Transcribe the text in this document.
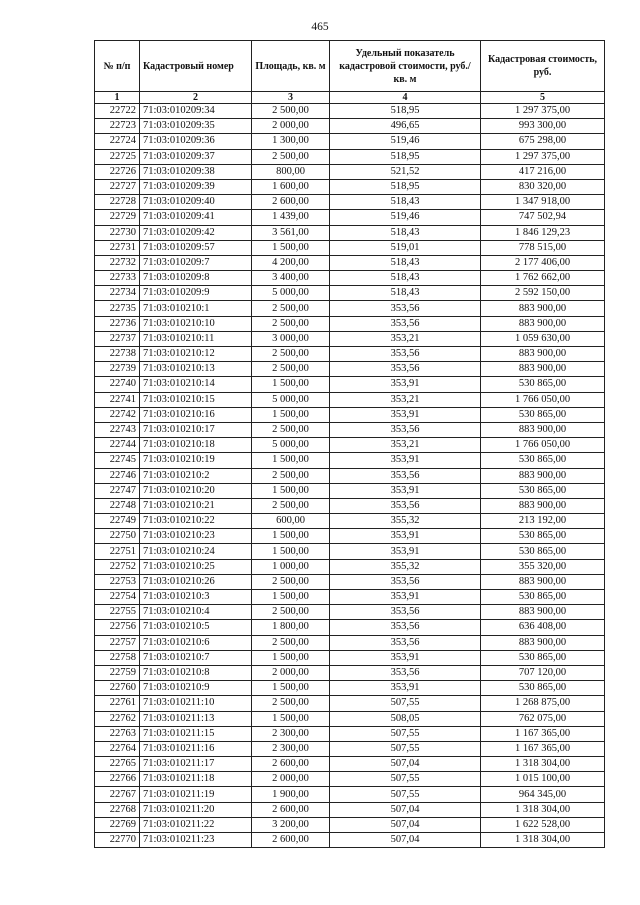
465
№ п/п	Кадастровый номер	Площадь, кв. м	Удельный показатель кадастровой стоимости, руб./кв. м	Кадастровая стоимость, руб.
1	2	3	4	5
22722	71:03:010209:34	2 500,00	518,95	1 297 375,00
22723	71:03:010209:35	2 000,00	496,65	993 300,00
22724	71:03:010209:36	1 300,00	519,46	675 298,00
22725	71:03:010209:37	2 500,00	518,95	1 297 375,00
22726	71:03:010209:38	800,00	521,52	417 216,00
22727	71:03:010209:39	1 600,00	518,95	830 320,00
22728	71:03:010209:40	2 600,00	518,43	1 347 918,00
22729	71:03:010209:41	1 439,00	519,46	747 502,94
22730	71:03:010209:42	3 561,00	518,43	1 846 129,23
22731	71:03:010209:57	1 500,00	519,01	778 515,00
22732	71:03:010209:7	4 200,00	518,43	2 177 406,00
22733	71:03:010209:8	3 400,00	518,43	1 762 662,00
22734	71:03:010209:9	5 000,00	518,43	2 592 150,00
22735	71:03:010210:1	2 500,00	353,56	883 900,00
22736	71:03:010210:10	2 500,00	353,56	883 900,00
22737	71:03:010210:11	3 000,00	353,21	1 059 630,00
22738	71:03:010210:12	2 500,00	353,56	883 900,00
22739	71:03:010210:13	2 500,00	353,56	883 900,00
22740	71:03:010210:14	1 500,00	353,91	530 865,00
22741	71:03:010210:15	5 000,00	353,21	1 766 050,00
22742	71:03:010210:16	1 500,00	353,91	530 865,00
22743	71:03:010210:17	2 500,00	353,56	883 900,00
22744	71:03:010210:18	5 000,00	353,21	1 766 050,00
22745	71:03:010210:19	1 500,00	353,91	530 865,00
22746	71:03:010210:2	2 500,00	353,56	883 900,00
22747	71:03:010210:20	1 500,00	353,91	530 865,00
22748	71:03:010210:21	2 500,00	353,56	883 900,00
22749	71:03:010210:22	600,00	355,32	213 192,00
22750	71:03:010210:23	1 500,00	353,91	530 865,00
22751	71:03:010210:24	1 500,00	353,91	530 865,00
22752	71:03:010210:25	1 000,00	355,32	355 320,00
22753	71:03:010210:26	2 500,00	353,56	883 900,00
22754	71:03:010210:3	1 500,00	353,91	530 865,00
22755	71:03:010210:4	2 500,00	353,56	883 900,00
22756	71:03:010210:5	1 800,00	353,56	636 408,00
22757	71:03:010210:6	2 500,00	353,56	883 900,00
22758	71:03:010210:7	1 500,00	353,91	530 865,00
22759	71:03:010210:8	2 000,00	353,56	707 120,00
22760	71:03:010210:9	1 500,00	353,91	530 865,00
22761	71:03:010211:10	2 500,00	507,55	1 268 875,00
22762	71:03:010211:13	1 500,00	508,05	762 075,00
22763	71:03:010211:15	2 300,00	507,55	1 167 365,00
22764	71:03:010211:16	2 300,00	507,55	1 167 365,00
22765	71:03:010211:17	2 600,00	507,04	1 318 304,00
22766	71:03:010211:18	2 000,00	507,55	1 015 100,00
22767	71:03:010211:19	1 900,00	507,55	964 345,00
22768	71:03:010211:20	2 600,00	507,04	1 318 304,00
22769	71:03:010211:22	3 200,00	507,04	1 622 528,00
22770	71:03:010211:23	2 600,00	507,04	1 318 304,00
